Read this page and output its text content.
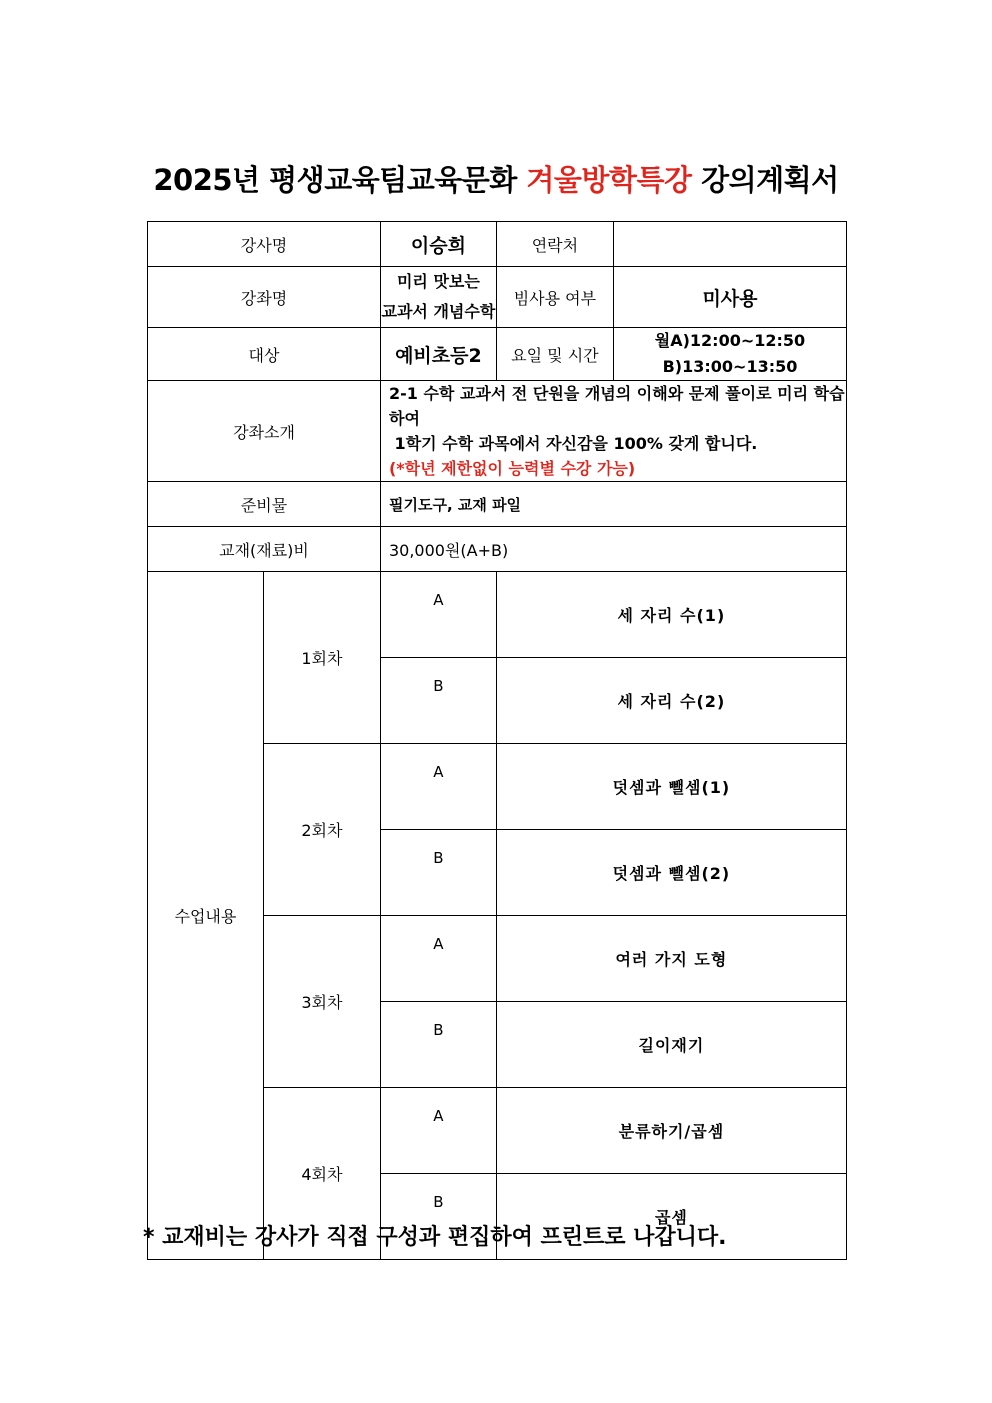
2025년 평생교육팀교육문화 겨울방학특강 강의계획서
강사명		이승희	연락처	
강좌명		미리 맛보는
교과서 개념수학	빔사용 여부	미사용
대상		예비초등2	요일 및 시간	월A)12:00~12:50
B)13:00~13:50

강좌소개		2-1 수학 교과서 전 단원을 개념의 이해와 문제 풀이로 미리 학습하여
1학기 수학 과목에서 자신감을 100% 갖게 합니다.
(*학년 제한없이 능력별 수강 가능)		

준비물		필기도구, 교재 파일		
교재(재료)비		30,000원(A+B)		
수업내용	1회차	A	세 자리 수(1)	
		B	세 자리 수(2)	
	2회차	A	덧셈과 뺄셈(1)	
		B	덧셈과 뺄셈(2)	
	3회차	A	여러 가지 도형	
		B	길이재기	
	4회차	A	분류하기/곱셈	
		B	곱셈	
* 교재비는 강사가 직접 구성과 편집하여 프린트로 나갑니다.
